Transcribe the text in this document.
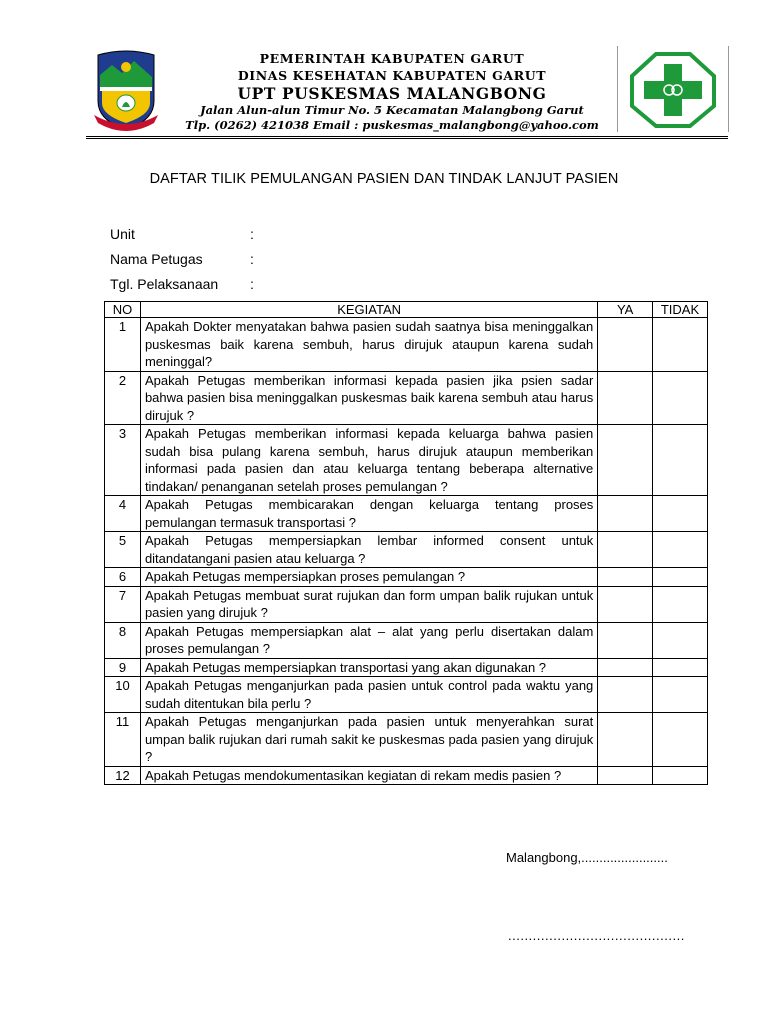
PEMERINTAH KABUPATEN GARUT
DINAS KESEHATAN KABUPATEN GARUT
UPT PUSKESMAS MALANGBONG
Jalan Alun-alun Timur No. 5 Kecamatan Malangbong Garut
Tlp. (0262) 421038 Email : puskesmas_malangbong@yahoo.com
DAFTAR TILIK PEMULANGAN PASIEN DAN TINDAK LANJUT PASIEN
Unit	:
Nama Petugas	:
Tgl. Pelaksanaan :
NO	KEGIATAN	YA	TIDAK
1	Apakah Dokter menyatakan bahwa pasien sudah saatnya bisa meninggalkan puskesmas baik karena sembuh, harus dirujuk ataupun karena sudah meninggal?		
2	Apakah Petugas memberikan informasi kepada pasien jika psien sadar bahwa pasien bisa meninggalkan puskesmas baik karena sembuh atau harus dirujuk ?		
3	Apakah Petugas memberikan informasi kepada keluarga bahwa pasien sudah bisa pulang karena sembuh, harus dirujuk ataupun memberikan informasi pada pasien dan atau keluarga tentang beberapa alternative tindakan/ penanganan setelah proses pemulangan ?		
4	Apakah Petugas membicarakan dengan keluarga tentang proses pemulangan termasuk transportasi ?		
5	Apakah Petugas mempersiapkan lembar informed consent untuk ditandatangani pasien atau keluarga ?		
6	Apakah Petugas mempersiapkan proses pemulangan ?		
7	Apakah Petugas membuat surat rujukan dan form umpan balik rujukan untuk pasien yang dirujuk ?		
8	Apakah Petugas mempersiapkan alat – alat yang perlu disertakan dalam proses pemulangan ?		
9	Apakah Petugas mempersiapkan transportasi yang akan digunakan ?		
10	Apakah Petugas menganjurkan pada pasien untuk control pada waktu yang sudah ditentukan bila perlu ?		
11	Apakah Petugas menganjurkan pada pasien untuk menyerahkan surat umpan balik rujukan dari rumah sakit ke puskesmas pada pasien yang dirujuk ?		
12	Apakah Petugas mendokumentasikan kegiatan di rekam medis pasien ?		
Malangbong,........................
...........................................
